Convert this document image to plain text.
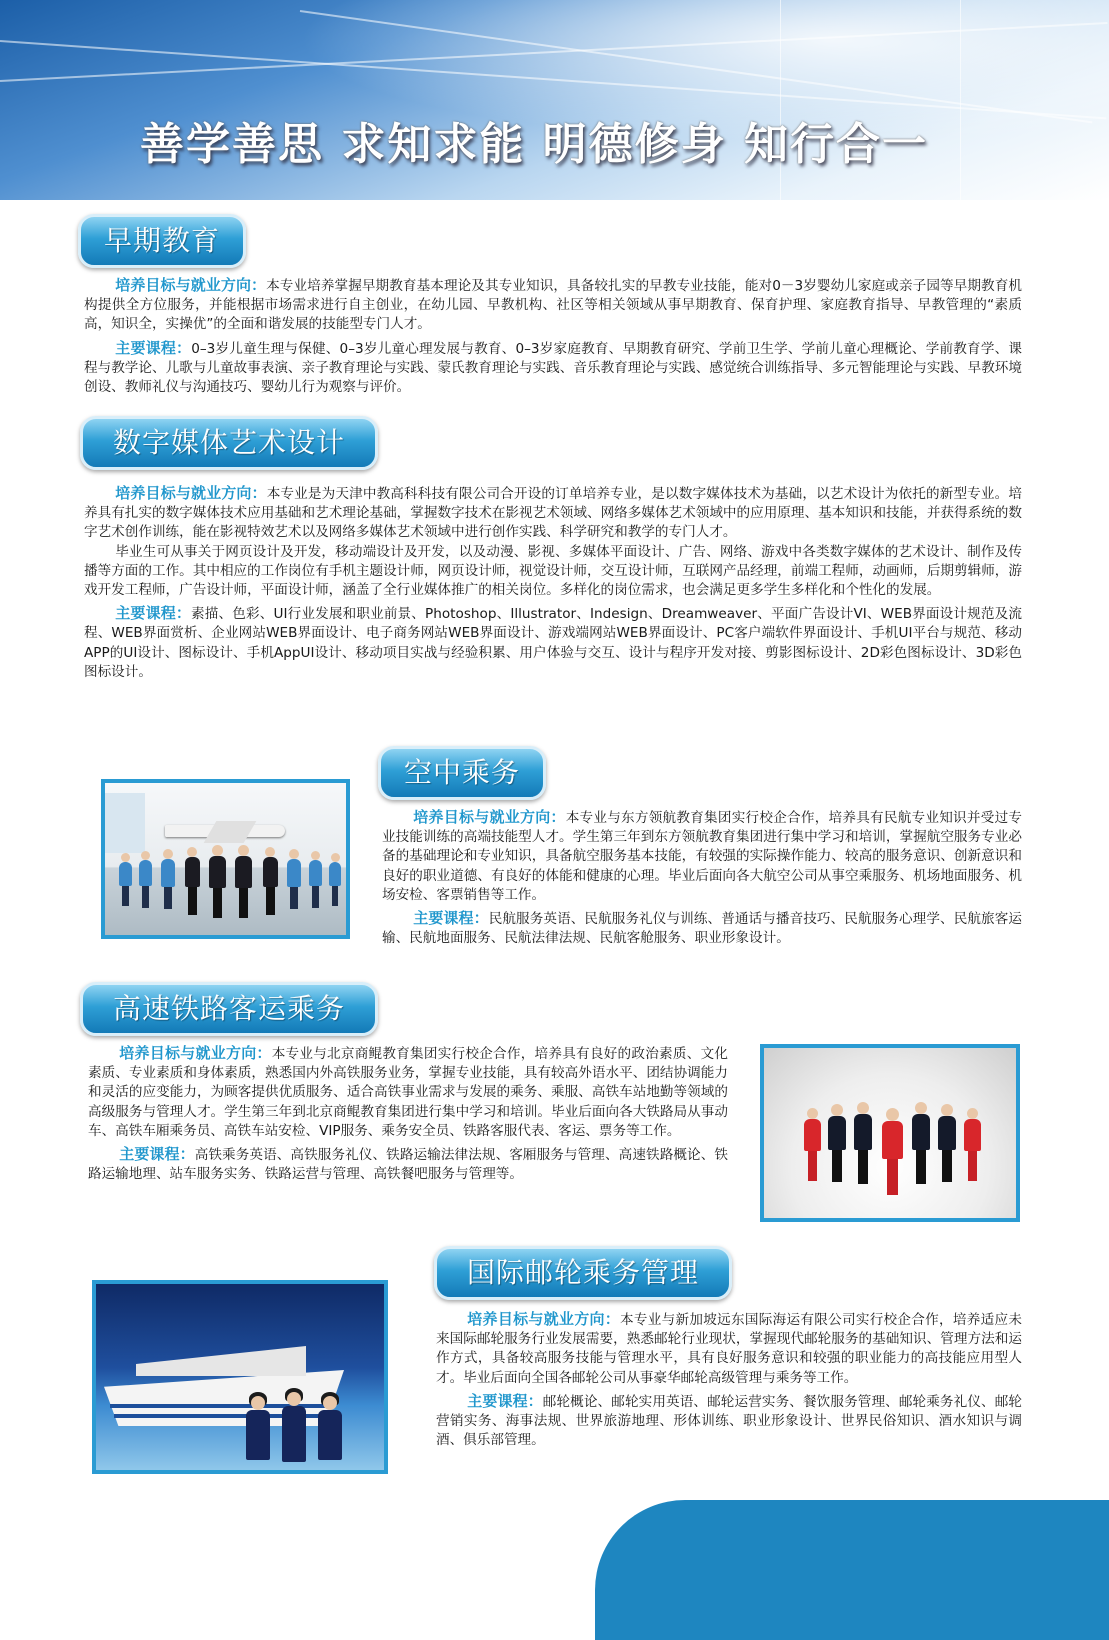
善学善思 求知求能 明德修身 知行合一
早期教育

培养目标与就业方向：本专业培养掌握早期教育基本理论及其专业知识，具备较扎实的早教专业技能，能对0－3岁婴幼儿家庭或亲子园等早期教育机构提供全方位服务，并能根据市场需求进行自主创业，在幼儿园、早教机构、社区等相关领域从事早期教育、保育护理、家庭教育指导、早教管理的“素质高，知识全，实操优”的全面和谐发展的技能型专门人才。

主要课程：0–3岁儿童生理与保健、0–3岁儿童心理发展与教育、0–3岁家庭教育、早期教育研究、学前卫生学、学前儿童心理概论、学前教育学、课程与教学论、儿歌与儿童故事表演、亲子教育理论与实践、蒙氏教育理论与实践、音乐教育理论与实践、感觉统合训练指导、多元智能理论与实践、早教环境创设、教师礼仪与沟通技巧、婴幼儿行为观察与评价。

数字媒体艺术设计

培养目标与就业方向：本专业是为天津中教高科科技有限公司合开设的订单培养专业，是以数字媒体技术为基础，以艺术设计为依托的新型专业。培养具有扎实的数字媒体技术应用基础和艺术理论基础，掌握数字技术在影视艺术领域、网络多媒体艺术领域中的应用原理、基本知识和技能，并获得系统的数字艺术创作训练，能在影视特效艺术以及网络多媒体艺术领域中进行创作实践、科学研究和教学的专门人才。

毕业生可从事关于网页设计及开发，移动端设计及开发，以及动漫、影视、多媒体平面设计、广告、网络、游戏中各类数字媒体的艺术设计、制作及传播等方面的工作。其中相应的工作岗位有手机主题设计师，网页设计师，视觉设计师，交互设计师，互联网产品经理，前端工程师，动画师，后期剪辑师，游戏开发工程师，广告设计师，平面设计师，涵盖了全行业媒体推广的相关岗位。多样化的岗位需求，也会满足更多学生多样化和个性化的发展。

主要课程：素描、色彩、UI行业发展和职业前景、Photoshop、Illustrator、Indesign、Dreamweaver、平面广告设计VI、WEB界面设计规范及流程、WEB界面赏析、企业网站WEB界面设计、电子商务网站WEB界面设计、游戏端网站WEB界面设计、PC客户端软件界面设计、手机UI平台与规范、移动APP的UI设计、图标设计、手机AppUI设计、移动项目实战与经验积累、用户体验与交互、设计与程序开发对接、剪影图标设计、2D彩色图标设计、3D彩色图标设计。

空中乘务

培养目标与就业方向：本专业与东方领航教育集团实行校企合作，培养具有民航专业知识并受过专业技能训练的高端技能型人才。学生第三年到东方领航教育集团进行集中学习和培训，掌握航空服务专业必备的基础理论和专业知识，具备航空服务基本技能，有较强的实际操作能力、较高的服务意识、创新意识和良好的职业道德、有良好的体能和健康的心理。毕业后面向各大航空公司从事空乘服务、机场地面服务、机场安检、客票销售等工作。

主要课程：民航服务英语、民航服务礼仪与训练、普通话与播音技巧、民航服务心理学、民航旅客运输、民航地面服务、民航法律法规、民航客舱服务、职业形象设计。

高速铁路客运乘务

培养目标与就业方向：本专业与北京商鲲教育集团实行校企合作，培养具有良好的政治素质、文化素质、专业素质和身体素质，熟悉国内外高铁服务业务，掌握专业技能，具有较高外语水平、团结协调能力和灵活的应变能力，为顾客提供优质服务、适合高铁事业需求与发展的乘务、乘服、高铁车站地勤等领域的高级服务与管理人才。学生第三年到北京商鲲教育集团进行集中学习和培训。毕业后面向各大铁路局从事动车、高铁车厢乘务员、高铁车站安检、VIP服务、乘务安全员、铁路客服代表、客运、票务等工作。

主要课程：高铁乘务英语、高铁服务礼仪、铁路运输法律法规、客厢服务与管理、高速铁路概论、铁路运输地理、站车服务实务、铁路运营与管理、高铁餐吧服务与管理等。

国际邮轮乘务管理

培养目标与就业方向：本专业与新加坡远东国际海运有限公司实行校企合作，培养适应未来国际邮轮服务行业发展需要，熟悉邮轮行业现状，掌握现代邮轮服务的基础知识、管理方法和运作方式，具备较高服务技能与管理水平，具有良好服务意识和较强的职业能力的高技能应用型人才。毕业后面向全国各邮轮公司从事豪华邮轮高级管理与乘务等工作。

主要课程：邮轮概论、邮轮实用英语、邮轮运营实务、餐饮服务管理、邮轮乘务礼仪、邮轮营销实务、海事法规、世界旅游地理、形体训练、职业形象设计、世界民俗知识、酒水知识与调酒、俱乐部管理。
